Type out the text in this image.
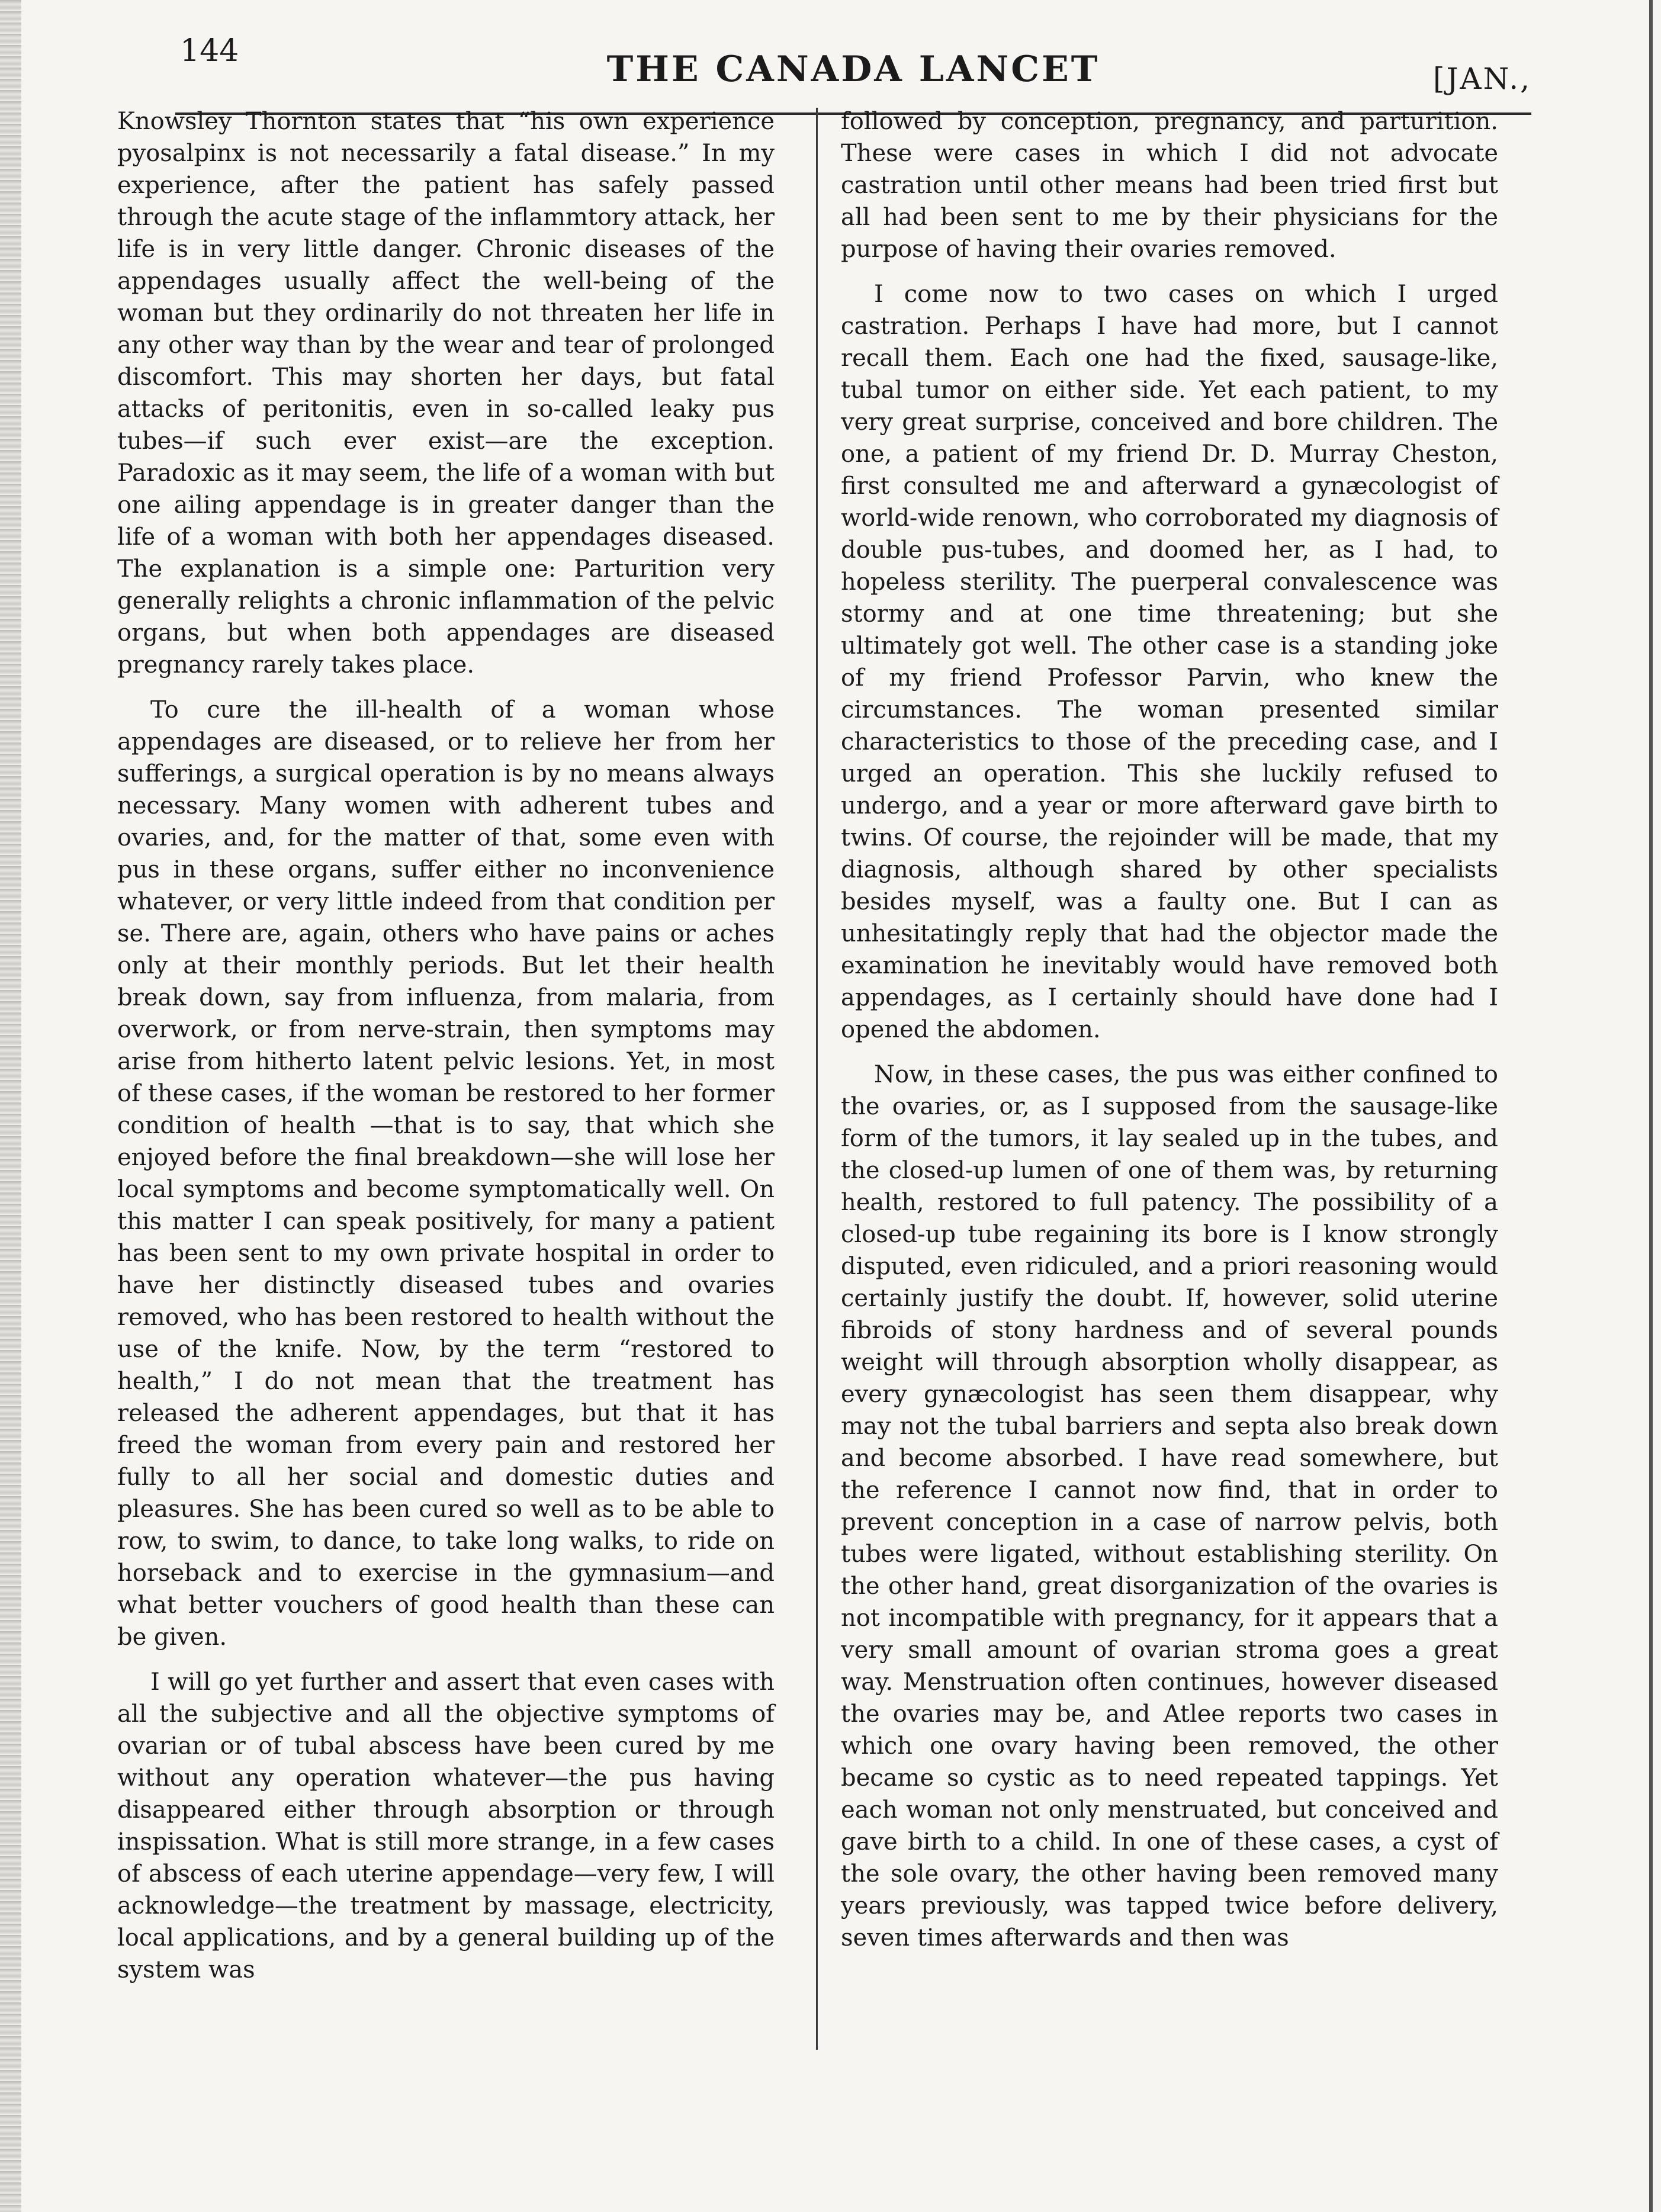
144	THE CANADA LANCET	[JAN.,

Knowsley Thornton states that “his own experience pyosalpinx is not necessarily a fatal disease.” In my experience, after the patient has safely passed through the acute stage of the inflammtory attack, her life is in very little danger. Chronic diseases of the appendages usually affect the well-being of the woman but they ordinarily do not threaten her life in any other way than by the wear and tear of prolonged discomfort. This may shorten her days, but fatal attacks of peritonitis, even in so-called leaky pus tubes—if such ever exist—are the exception. Paradoxic as it may seem, the life of a woman with but one ailing appendage is in greater danger than the life of a woman with both her appendages diseased. The explanation is a simple one: Parturition very generally relights a chronic inflammation of the pelvic organs, but when both appendages are diseased pregnancy rarely takes place.

To cure the ill-health of a woman whose appendages are diseased, or to relieve her from her sufferings, a surgical operation is by no means always necessary. Many women with adherent tubes and ovaries, and, for the matter of that, some even with pus in these organs, suffer either no inconvenience whatever, or very little indeed from that condition per se. There are, again, others who have pains or aches only at their monthly periods. But let their health break down, say from influenza, from malaria, from overwork, or from nerve-strain, then symptoms may arise from hitherto latent pelvic lesions. Yet, in most of these cases, if the woman be restored to her former condition of health —that is to say, that which she enjoyed before the final breakdown—she will lose her local symptoms and become symptomatically well. On this matter I can speak positively, for many a patient has been sent to my own private hospital in order to have her distinctly diseased tubes and ovaries removed, who has been restored to health without the use of the knife. Now, by the term “restored to health,” I do not mean that the treatment has released the adherent appendages, but that it has freed the woman from every pain and restored her fully to all her social and domestic duties and pleasures. She has been cured so well as to be able to row, to swim, to dance, to take long walks, to ride on horseback and to exercise in the gymnasium—and what better vouchers of good health than these can be given.

I will go yet further and assert that even cases with all the subjective and all the objective symptoms of ovarian or of tubal abscess have been cured by me without any operation whatever—the pus having disappeared either through absorption or through inspissation. What is still more strange, in a few cases of abscess of each uterine appendage—very few, I will acknowledge—the treatment by massage, electricity, local applications, and by a general building up of the system was

followed by conception, pregnancy, and parturition. These were cases in which I did not advocate castration until other means had been tried first but all had been sent to me by their physicians for the purpose of having their ovaries removed.

I come now to two cases on which I urged castration. Perhaps I have had more, but I cannot recall them. Each one had the fixed, sausage-like, tubal tumor on either side. Yet each patient, to my very great surprise, conceived and bore children. The one, a patient of my friend Dr. D. Murray Cheston, first consulted me and afterward a gynæcologist of world-wide renown, who corroborated my diagnosis of double pus-tubes, and doomed her, as I had, to hopeless sterility. The puerperal convalescence was stormy and at one time threatening; but she ultimately got well. The other case is a standing joke of my friend Professor Parvin, who knew the circumstances. The woman presented similar characteristics to those of the preceding case, and I urged an operation. This she luckily refused to undergo, and a year or more afterward gave birth to twins. Of course, the rejoinder will be made, that my diagnosis, although shared by other specialists besides myself, was a faulty one. But I can as unhesitatingly reply that had the objector made the examination he inevitably would have removed both appendages, as I certainly should have done had I opened the abdomen.

Now, in these cases, the pus was either confined to the ovaries, or, as I supposed from the sausage-like form of the tumors, it lay sealed up in the tubes, and the closed-up lumen of one of them was, by returning health, restored to full patency. The possibility of a closed-up tube regaining its bore is I know strongly disputed, even ridiculed, and a priori reasoning would certainly justify the doubt. If, however, solid uterine fibroids of stony hardness and of several pounds weight will through absorption wholly disappear, as every gynæcologist has seen them disappear, why may not the tubal barriers and septa also break down and become absorbed. I have read somewhere, but the reference I cannot now find, that in order to prevent conception in a case of narrow pelvis, both tubes were ligated, without establishing sterility. On the other hand, great disorganization of the ovaries is not incompatible with pregnancy, for it appears that a very small amount of ovarian stroma goes a great way. Menstruation often continues, however diseased the ovaries may be, and Atlee reports two cases in which one ovary having been removed, the other became so cystic as to need repeated tappings. Yet each woman not only menstruated, but conceived and gave birth to a child. In one of these cases, a cyst of the sole ovary, the other having been removed many years previously, was tapped twice before delivery, seven times afterwards and then was
